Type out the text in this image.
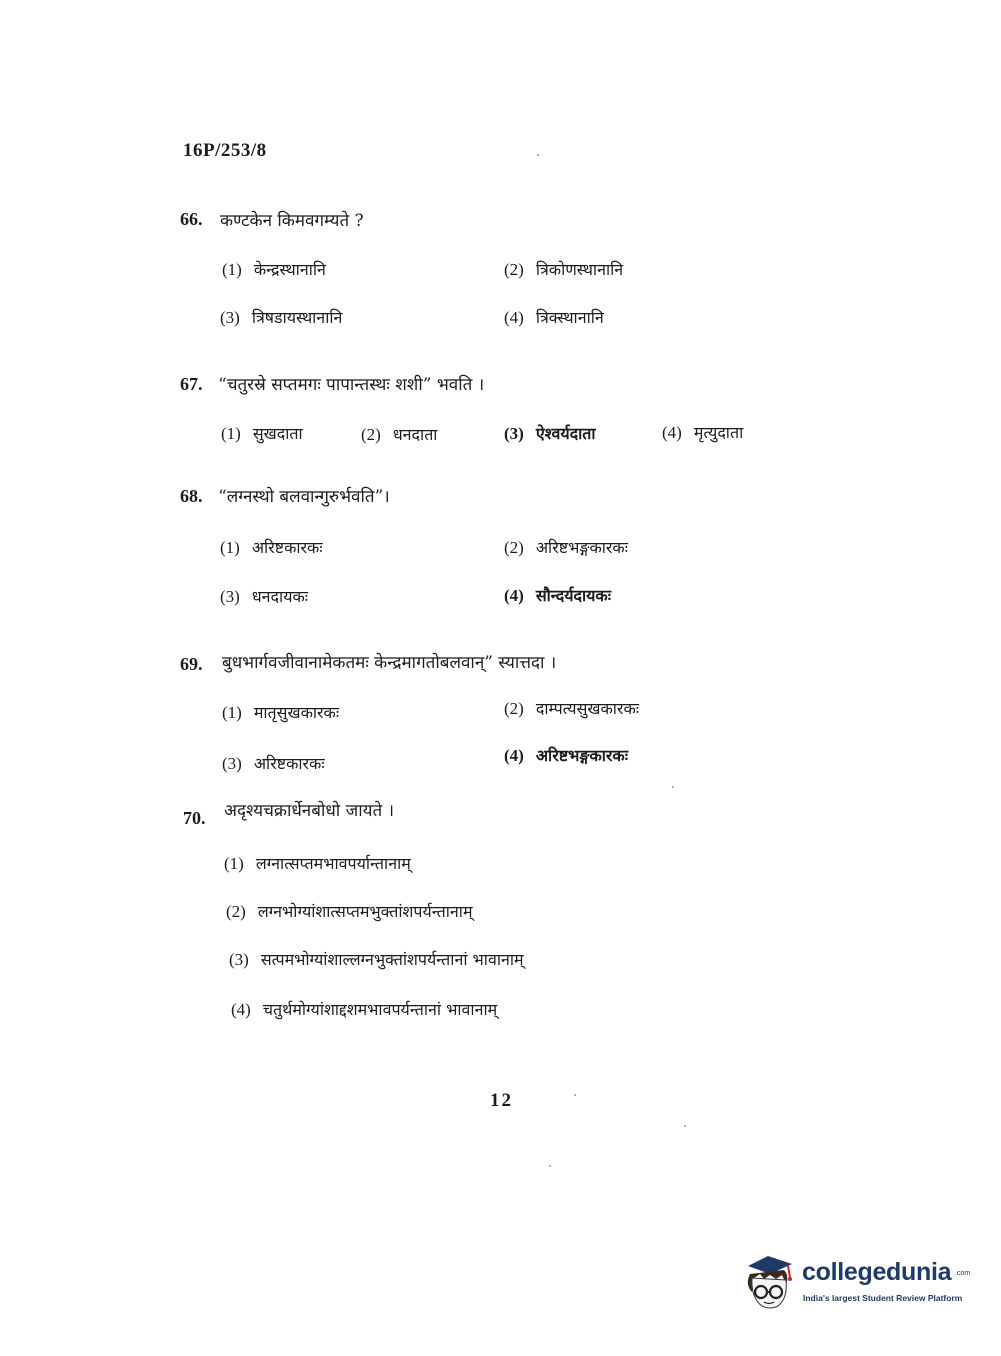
16P/253/8
66. कण्टकेन किमवगम्यते ?
(1) केन्द्रस्थानानि	(2) त्रिकोणस्थानानि
(3) त्रिषडायस्थानानि	(4) त्रिक्स्थानानि
67. “चतुरस्रे सप्तमगः पापान्तस्थः शशी” भवति ।
(1) सुखदाता	(2) धनदाता	(3) ऐश्वर्यदाता	(4) मृत्युदाता
68. “लग्नस्थो बलवान्गुरुर्भवति”।
(1) अरिष्टकारकः	(2) अरिष्टभङ्गकारकः
(3) धनदायकः	(4) सौन्दर्यदायकः
69. बुधभार्गवजीवानामेकतमः केन्द्रमागतोबलवान्” स्यात्तदा ।
(1) मातृसुखकारकः	(2) दाम्पत्यसुखकारकः
(3) अरिष्टकारकः	(4) अरिष्टभङ्गकारकः
70. अदृश्यचक्रार्धेनबोधो जायते ।
(1) लग्नात्सप्तमभावपर्यान्तानाम्
(2) लग्नभोग्यांशात्सप्तमभुक्तांशपर्यन्तानाम्
(3) सत्पमभोग्यांशाल्लग्नभुक्तांशपर्यन्तानां भावानाम्
(4) चतुर्थमोग्यांशाद्दशमभावपर्यन्तानां भावानाम्
12
collegedunia .com
India's largest Student Review Platform
